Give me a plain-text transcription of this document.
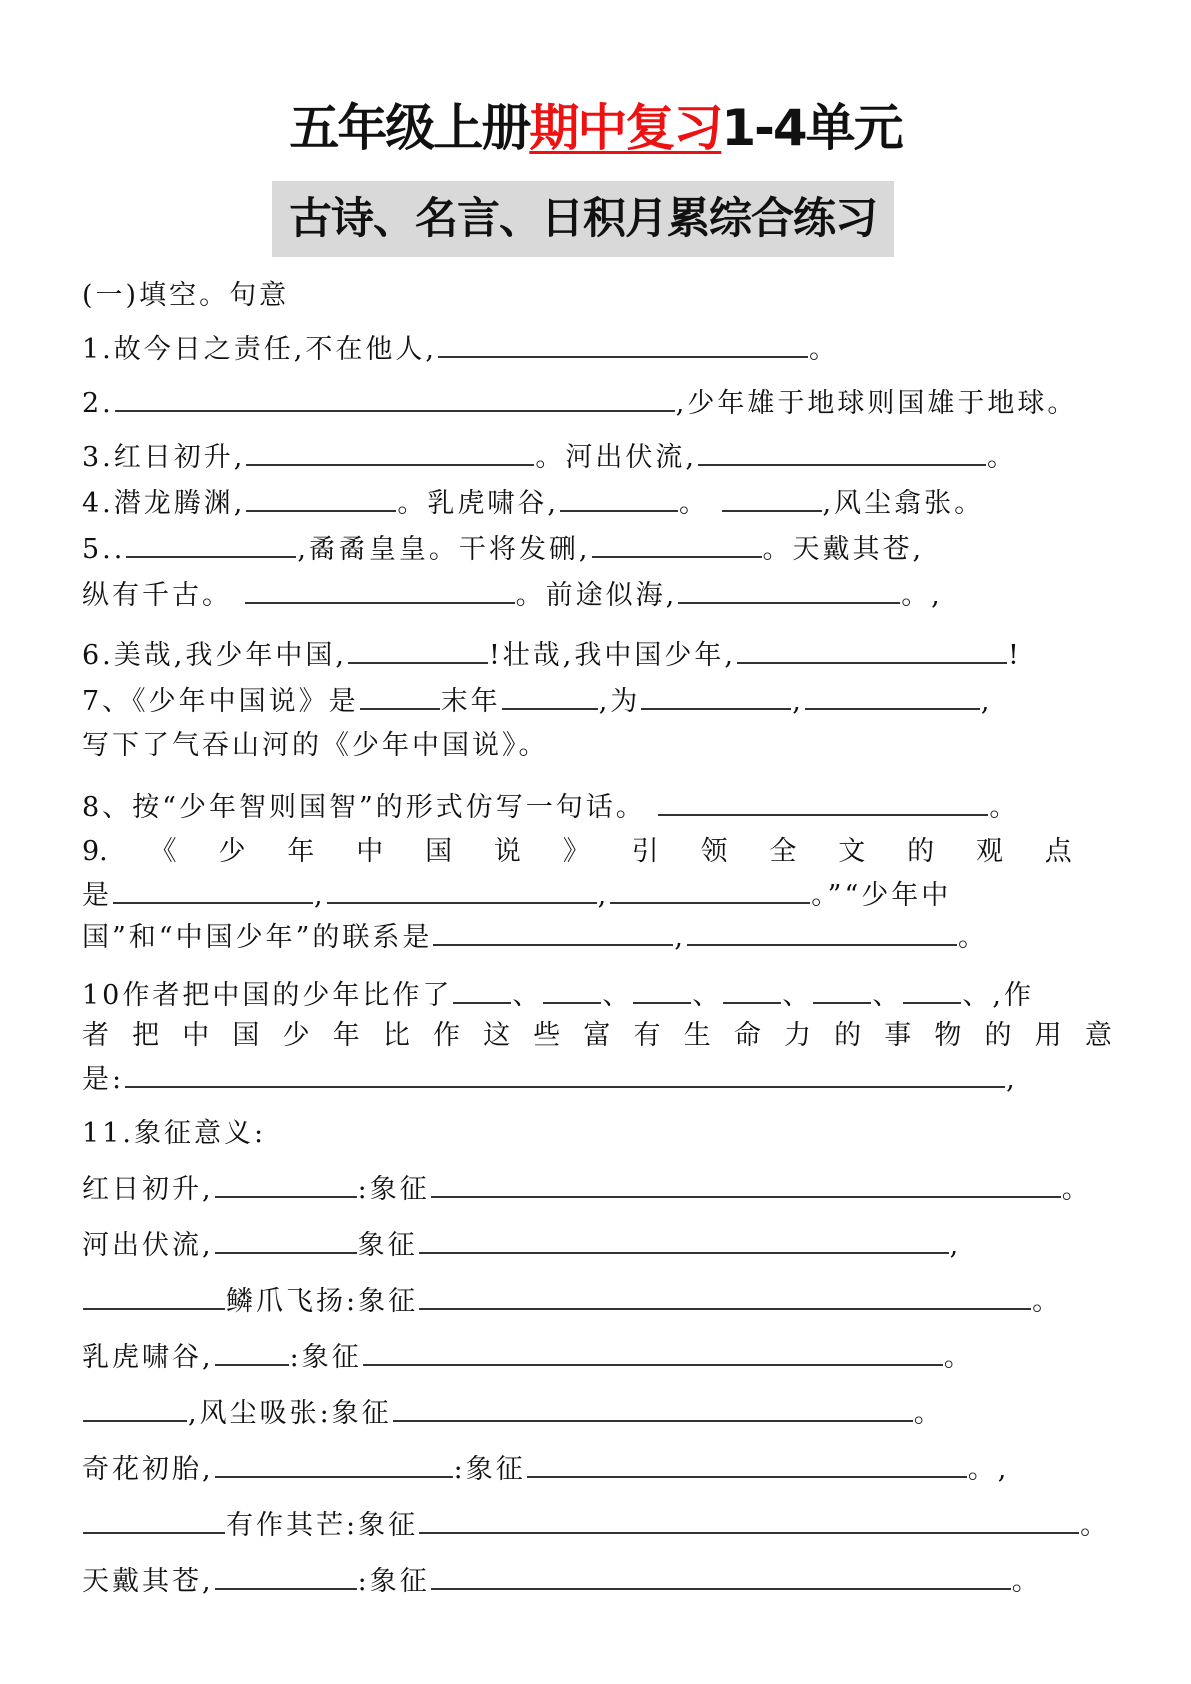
五年级上册期中复习1-4单元
古诗、名言、日积月累综合练习
(一)填空。句意
1.故今日之责任,不在他人,	。
2.	,少年雄于地球则国雄于地球。
3.红日初升,	。河出伏流,	。
4.潜龙腾渊,	。乳虎啸谷,	。	,风尘翕张。
5..	,矞矞皇皇。干将发硎,	。天戴其苍,
纵有千古。	。前途似海,	。,
6.美哉,我少年中国,	!壮哉,我中国少年,	!
7、《少年中国说》是	末年	,为	,	,
写下了气吞山河的《少年中国说》。
8、按“少年智则国智”的形式仿写一句话。	。
9. 《 少 年 中 国 说 》 引 领 全 文 的 观 点
是	,	,	。”“少年中
国”和“中国少年”的联系是	,	。
10作者把中国的少年比作了 、 、 、 、 、 、,作
者 把 中 国 少 年 比 作 这 些 富 有 生 命 力 的 事 物 的 用 意
是:	,
11.象征意义:
红日初升,	:象征	。
河出伏流,	象征	,
鳞爪飞扬:象征	。
乳虎啸谷,	:象征	。
,风尘吸张:象征	。
奇花初胎,	:象征	。,
有作其芒:象征	。
天戴其苍,	:象征	。
